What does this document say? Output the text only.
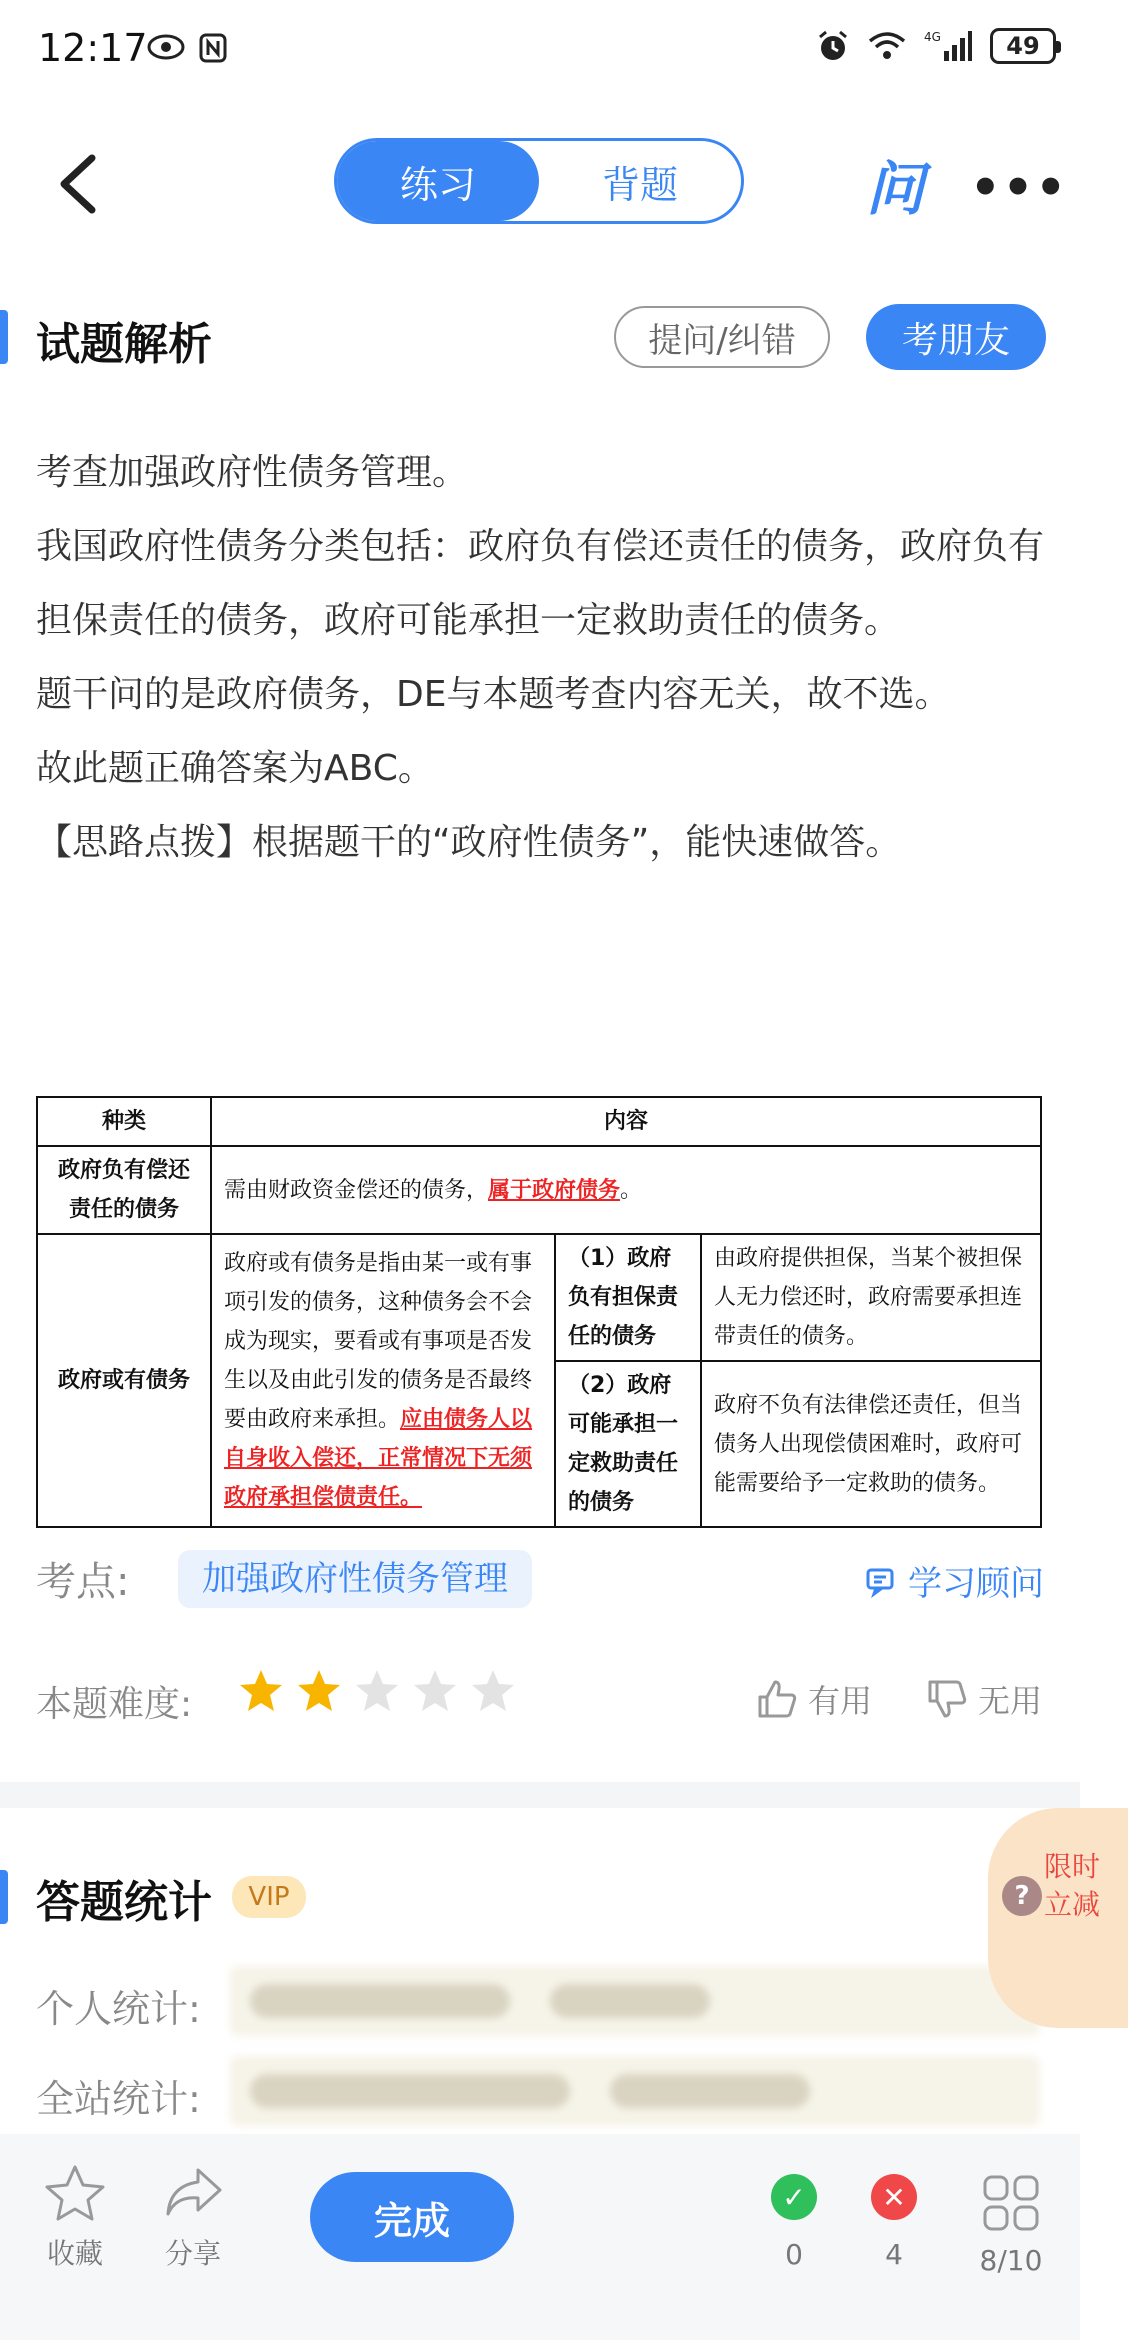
12:17	4G	49
练习	背题	问 •••
试题解析	提问/纠错	考朋友
考查加强政府性债务管理。
我国政府性债务分类包括：政府负有偿还责任的债务，政府负有担保责任的债务，政府可能承担一定救助责任的债务。
题干问的是政府债务，DE与本题考查内容无关，故不选。
故此题正确答案为ABC。
【思路点拨】根据题干的“政府性债务”，能快速做答。
种类	内容		
政府负有偿还责任的债务	需由财政资金偿还的债务，属于政府债务。		
政府或有债务	政府或有债务是指由某一或有事项引发的债务，这种债务会不会成为现实，要看或有事项是否发生以及由此引发的债务是否最终要由政府来承担。应由债务人以自身收入偿还，正常情况下无须政府承担偿债责任。	（1）政府负有担保责任的债务	由政府提供担保，当某个被担保人无力偿还时，政府需要承担连带责任的债务。
		（2）政府可能承担一定救助责任的债务	政府不负有法律偿还责任，但当债务人出现偿债困难时，政府可能需要给予一定救助的债务。
考点:	加强政府性债务管理	学习顾问
本题难度:	有用	无用
答题统计	VIP
个人统计:
全站统计:
?
限时
立减
收藏	分享
完成
✓
0
✕
4	8/10
